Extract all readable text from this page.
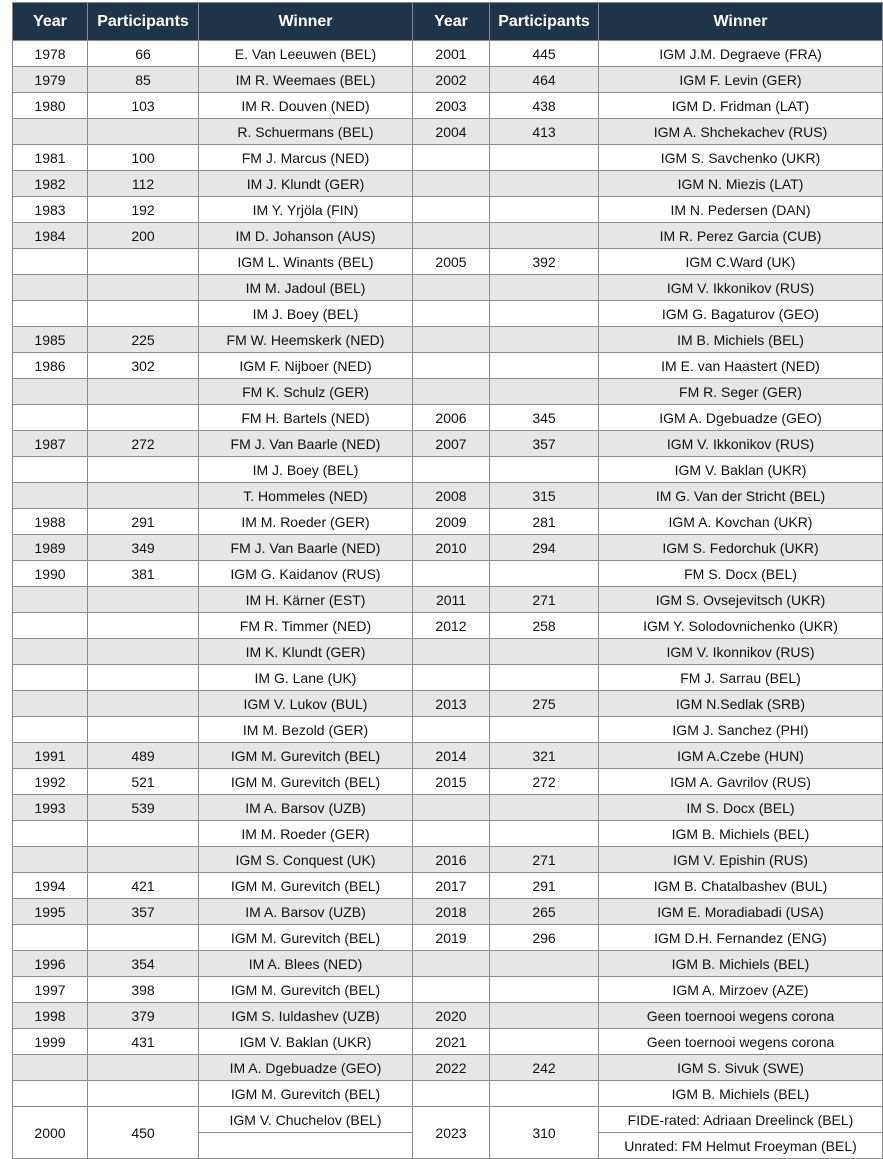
Year	Participants	Winner	Year	Participants	Winner
1978	66	E. Van Leeuwen (BEL)	2001	445	IGM J.M. Degraeve (FRA)
1979	85	IM R. Weemaes (BEL)	2002	464	IGM F. Levin (GER)
1980	103	IM R. Douven (NED)	2003	438	IGM D. Fridman (LAT)
		R. Schuermans (BEL)	2004	413	IGM A. Shchekachev (RUS)
1981	100	FM J. Marcus (NED)			IGM S. Savchenko (UKR)
1982	112	IM J. Klundt (GER)			IGM N. Miezis (LAT)
1983	192	IM Y. Yrjöla (FIN)			IM N. Pedersen (DAN)
1984	200	IM D. Johanson (AUS)			IM R. Perez Garcia (CUB)
		IGM L. Winants (BEL)	2005	392	IGM C.Ward (UK)
		IM M. Jadoul (BEL)			IGM V. Ikkonikov (RUS)
		IM J. Boey (BEL)			IGM G. Bagaturov (GEO)
1985	225	FM W. Heemskerk (NED)			IM B. Michiels (BEL)
1986	302	IGM F. Nijboer (NED)			IM E. van Haastert (NED)
		FM K. Schulz (GER)			FM R. Seger (GER)
		FM H. Bartels (NED)	2006	345	IGM A. Dgebuadze (GEO)
1987	272	FM J. Van Baarle (NED)	2007	357	IGM V. Ikkonikov (RUS)
		IM J. Boey (BEL)			IGM V. Baklan (UKR)
		T. Hommeles (NED)	2008	315	IM G. Van der Stricht (BEL)
1988	291	IM M. Roeder (GER)	2009	281	IGM A. Kovchan (UKR)
1989	349	FM J. Van Baarle (NED)	2010	294	IGM S. Fedorchuk (UKR)
1990	381	IGM G. Kaidanov (RUS)			FM S. Docx (BEL)
		IM H. Kärner (EST)	2011	271	IGM S. Ovsejevitsch (UKR)
		FM R. Timmer (NED)	2012	258	IGM Y. Solodovnichenko (UKR)
		IM K. Klundt (GER)			IGM V. Ikonnikov (RUS)
		IM G. Lane (UK)			FM J. Sarrau (BEL)
		IGM V. Lukov (BUL)	2013	275	IGM N.Sedlak (SRB)
		IM M. Bezold (GER)			IGM J. Sanchez (PHI)
1991	489	IGM M. Gurevitch (BEL)	2014	321	IGM A.Czebe (HUN)
1992	521	IGM M. Gurevitch (BEL)	2015	272	IGM A. Gavrilov (RUS)
1993	539	IM A. Barsov (UZB)			IM S. Docx (BEL)
		IM M. Roeder (GER)			IGM B. Michiels (BEL)
		IGM S. Conquest (UK)	2016	271	IGM V. Epishin (RUS)
1994	421	IGM M. Gurevitch (BEL)	2017	291	IGM B. Chatalbashev (BUL)
1995	357	IM A. Barsov (UZB)	2018	265	IGM E. Moradiabadi (USA)
		IGM M. Gurevitch (BEL)	2019	296	IGM D.H. Fernandez (ENG)
1996	354	IM A. Blees (NED)			IGM B. Michiels (BEL)
1997	398	IGM M. Gurevitch (BEL)			IGM A. Mirzoev (AZE)
1998	379	IGM S. Iuldashev (UZB)	2020		Geen toernooi wegens corona
1999	431	IGM V. Baklan (UKR)	2021		Geen toernooi wegens corona
		IM A. Dgebuadze (GEO)	2022	242	IGM S. Sivuk (SWE)
		IGM M. Gurevitch (BEL)			IGM B. Michiels (BEL)
2000	450	IGM V. Chuchelov (BEL)	2023	310	FIDE-rated: Adriaan Dreelinck (BEL)
					Unrated: FM Helmut Froeyman (BEL)
